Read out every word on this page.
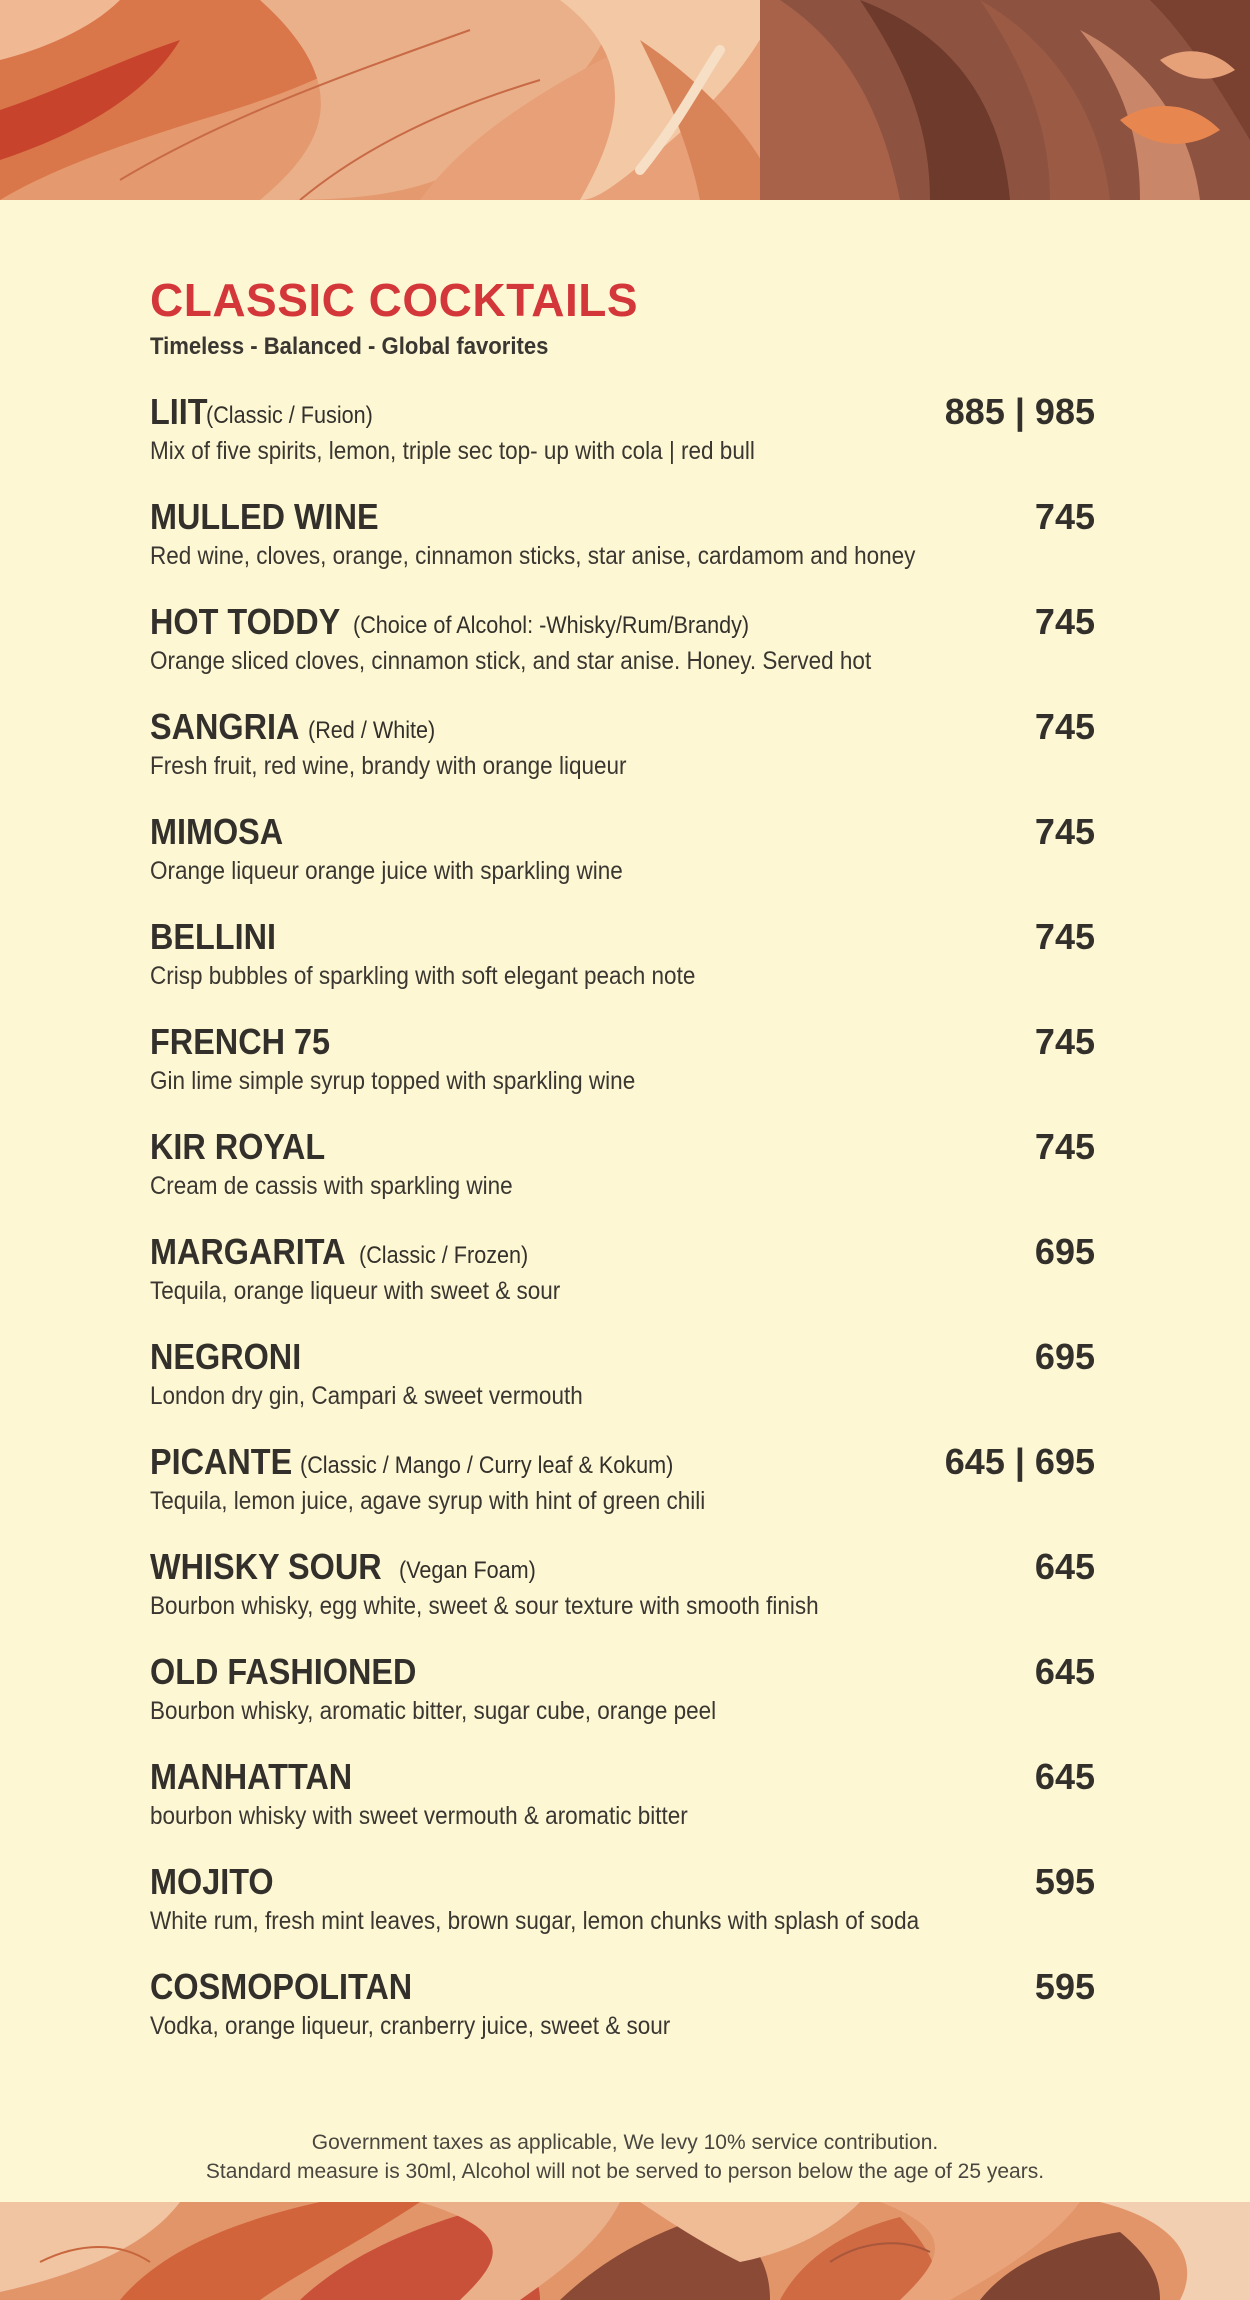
CLASSIC COCKTAILS

Timeless - Balanced - Global favorites

LIIT
(Classic / Fusion)	885 | 985
Mix of five spirits, lemon, triple sec top- up with cola | red bull
MULLED WINE	745
Red wine, cloves, orange, cinnamon sticks, star anise, cardamom and honey
HOT TODDY (Choice of Alcohol: -Whisky/Rum/Brandy)	745
Orange sliced cloves, cinnamon stick, and star anise. Honey. Served hot
SANGRIA (Red / White)	745
Fresh fruit, red wine, brandy with orange liqueur
MIMOSA	745
Orange liqueur orange juice with sparkling wine
BELLINI	745
Crisp bubbles of sparkling with soft elegant peach note
FRENCH 75	745
Gin lime simple syrup topped with sparkling wine
KIR ROYAL	745
Cream de cassis with sparkling wine
MARGARITA (Classic / Frozen)	695
Tequila, orange liqueur with sweet & sour
NEGRONI	695
London dry gin, Campari & sweet vermouth
PICANTE (Classic / Mango / Curry leaf & Kokum)	645 | 695
Tequila, lemon juice, agave syrup with hint of green chili
WHISKY SOUR (Vegan Foam)	645
Bourbon whisky, egg white, sweet & sour texture with smooth finish
OLD FASHIONED	645
Bourbon whisky, aromatic bitter, sugar cube, orange peel
MANHATTAN	645
bourbon whisky with sweet vermouth & aromatic bitter
MOJITO	595
White rum, fresh mint leaves, brown sugar, lemon chunks with splash of soda
COSMOPOLITAN	595
Vodka, orange liqueur, cranberry juice, sweet & sour
Government taxes as applicable, We levy 10% service contribution.
Standard measure is 30ml, Alcohol will not be served to person below the age of 25 years.
